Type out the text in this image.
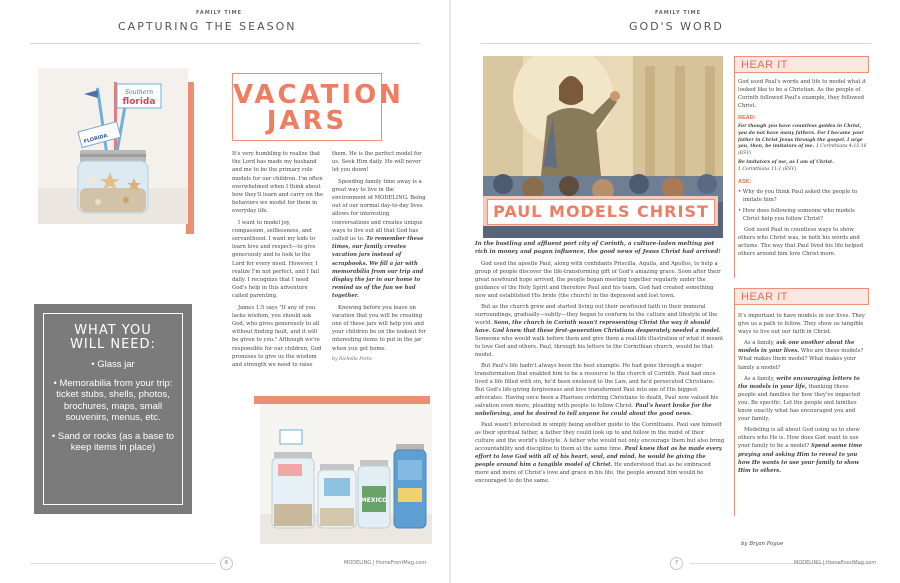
FAMILY TIME
CAPTURING THE SEASON
Southern
florida
FLORIDA
VACATION
JARS

It's very humbling to realize that the Lord has made my husband and me to be the primary role models for our children. I'm often overwhelmed when I think about how they'll learn and carry on the behaviors we model for them in everyday life.

I want to model joy, compassion, selflessness, and servanthood. I want my kids to learn love and respect—to give generously and to look to the Lord for every need. However, I realize I'm not perfect, and I fail daily. I recognize that I need God's help in this adventure called parenting.

James 1:5 says "If any of you lacks wisdom, you should ask God, who gives generously to all without finding fault, and it will be given to you." Although we're responsible for our children, God promises to give us the wisdom and strength we need to raise

them. He is the perfect model for us. Seek Him daily. He will never let you down!

Spending family time away is a great way to live in the environment of MODELING. Being out of our normal day-to-day lives allows for interesting conversations and creates unique ways to live out all that God has called us to. To remember these times, our family creates vacation jars instead of scrapbooks. We fill a jar with memorabilia from our trip and display the jar in our home to remind us of the fun we had together.

Knowing before you leave on vacation that you will be creating one of these jars will help you and your children be on the lookout for interesting items to put in the jar when you get home.

by Richelle Porto

WHAT YOU
WILL NEED:
• Glass jar
• Memorabilia from your trip: ticket stubs, shells, photos, brochures, maps, small souvenirs, menus, etc.
• Sand or rocks (as a base to keep items in place)
MEXICO
6	MODELING | HomeFrontMag.com
FAMILY TIME
GOD'S WORD
PAUL MODELS CHRIST

In the bustling and affluent port city of Corinth, a culture-laden melting pot rich in money and pagan influence, the good news of Jesus Christ had arrived!

God used the apostle Paul, along with confidants Priscilla, Aquila, and Apollos, to help a group of people discover the life-transforming gift of God's amazing grace. Soon after their great newfound hope arrived, the people began meeting together regularly under the guidance of the Holy Spirit and therefore Paul and his team. God had created something new and established His bride (the church) in the depraved and lost town.

But as the church grew and started living out their newfound faith in their immoral surroundings, gradually—subtly—they began to conform to the culture and lifestyle of the world. Soon, the church in Corinth wasn't representing Christ the way it should have. God knew that these first-generation Christians desperately needed a model. Someone who would walk before them and give them a real-life illustration of what it meant to love God and others. Paul, through his letters to the Corinthian church, would be that model.

But Paul's life hadn't always been the best example. He had gone through a major transformation that enabled him to be a resource to the church of Corinth. Paul had once lived a life filled with sin, he'd been enslaved to the Law, and he'd persecuted Christians. But God's life-giving forgiveness and love transformed Paul into one of His biggest advocates. Having once been a Pharisee ordering Christians to death, Paul now valued his salvation even more, pleading with people to follow Christ. Paul's heart broke for the unbelieving, and he desired to tell anyone he could about the good news.

Paul wasn't interested in simply being another guide to the Corinthians. Paul saw himself as their spiritual father, a father they could look up to and follow in the midst of their culture and the world's lifestyle. A father who would not only encourage them but also bring accountability and discipline to them at the same time. Paul knew that as he made every effort to love God with all of his heart, soul, and mind, he would be giving the people around him a tangible model of Christ. He understood that as he embraced more and more of Christ's love and grace in his life, the people around him would be encouraged to do the same.

HEAR IT

God used Paul's words and life to model what it looked like to be a Christian. As the people of Corinth followed Paul's example, they followed Christ.

READ:

For though you have countless guides in Christ, you do not have many fathers. For I became your father in Christ Jesus through the gospel. I urge you, then, be imitators of me. 1 Corinthians 4:15-16 (ESV)

Be imitators of me, as I am of Christ.
1 Corinthians 11:1 (ESV)

ASK:

• Why do you think Paul asked the people to imitate him?

• How does following someone who models Christ help you follow Christ?

God used Paul in countless ways to show others who Christ was, in both his words and actions. The way that Paul lived his life helped others around him love Christ more.

HEAR IT

It's important to have models in our lives. They give us a path to follow. They show us tangible ways to live out our faith in Christ.

As a family, ask one another about the models in your lives. Who are these models? What makes them model? What makes your family a model?

As a family, write encouraging letters to the models in your life, thanking these people and families for how they've impacted you. Be specific. Let the people and families know exactly what has encouraged you and your family.

Modeling is all about God using us to show others who He is. How does God want to use your family to be a model? Spend some time praying and asking Him to reveal to you how He wants to use your family to show Him to others.

by Bryan Pogue
7	MODELING | HomeFrontMag.com
